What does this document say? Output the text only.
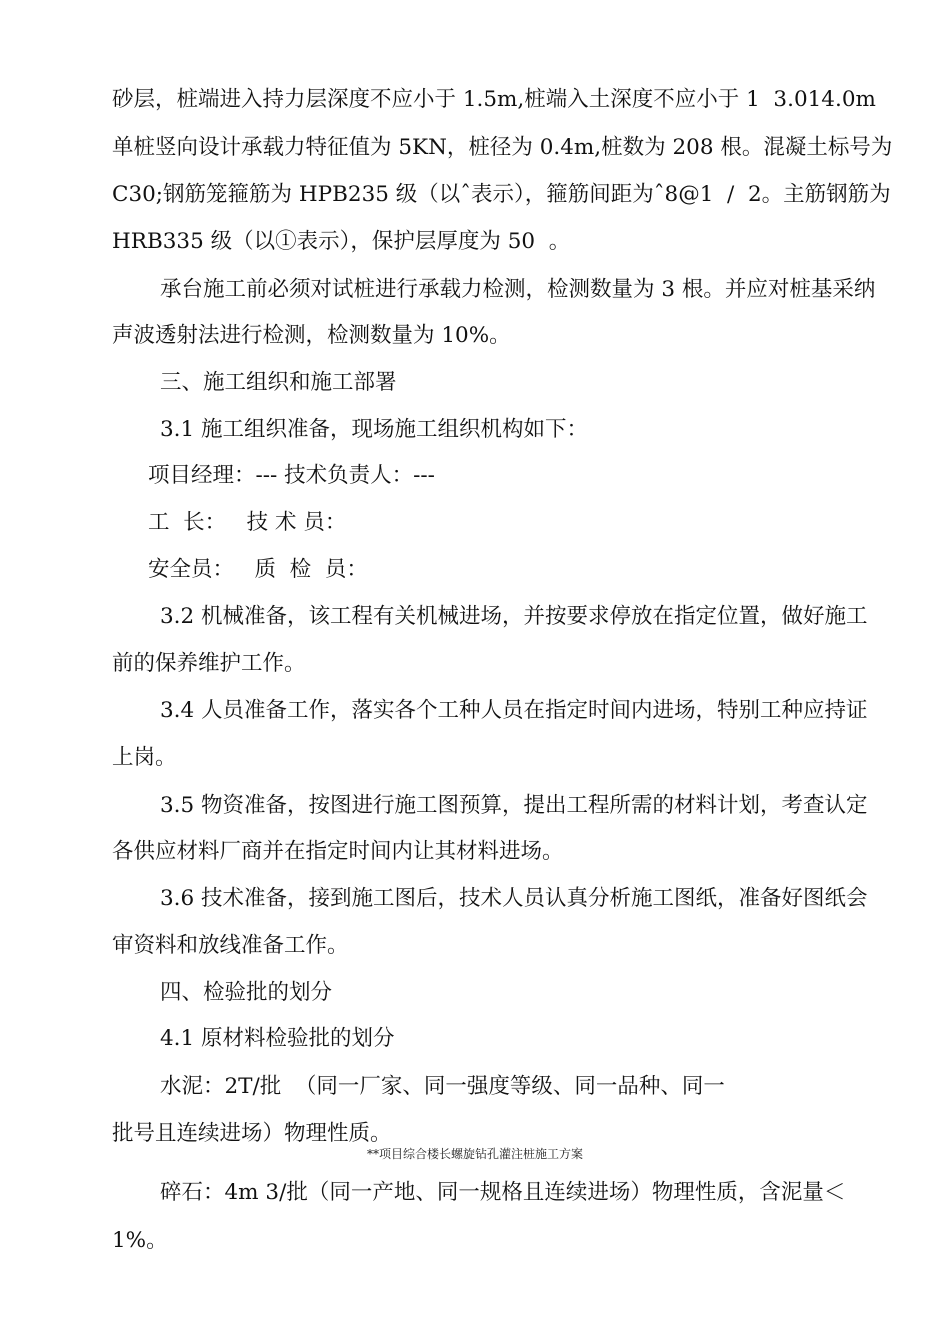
砂层，桩端进入持力层深度不应小于 1.5m,桩端入土深度不应小于 1  3.014.0m
单桩竖向设计承载力特征值为 5KN，桩径为 0.4m,桩数为 208 根。混凝土标号为
C30;钢筋笼箍筋为 HPB235 级（以ˆ表示），箍筋间距为ˆ8@1  /  2。主筋钢筋为
HRB335 级（以①表示），保护层厚度为 50  。
承台施工前必须对试桩进行承载力检测，检测数量为 3 根。并应对桩基采纳
声波透射法进行检测，检测数量为 10%。
三、施工组织和施工部署
3.1 施工组织准备，现场施工组织机构如下：
项目经理：--- 技术负责人：---
工  长：   技 术 员：
安全员：   质  检  员：
3.2 机械准备，该工程有关机械进场，并按要求停放在指定位置，做好施工
前的保养维护工作。
3.4 人员准备工作，落实各个工种人员在指定时间内进场，特别工种应持证
上岗。
3.5 物资准备，按图进行施工图预算，提出工程所需的材料计划，考查认定
各供应材料厂商并在指定时间内让其材料进场。
3.6 技术准备，接到施工图后，技术人员认真分析施工图纸，准备好图纸会
审资料和放线准备工作。
四、检验批的划分
4.1 原材料检验批的划分
水泥：2T/批  （同一厂家、同一强度等级、同一品种、同一
批号且连续进场）物理性质。
**项目综合楼长螺旋钻孔灌注桩施工方案
碎石：4m 3/批（同一产地、同一规格且连续进场）物理性质，含泥量＜
1%。
